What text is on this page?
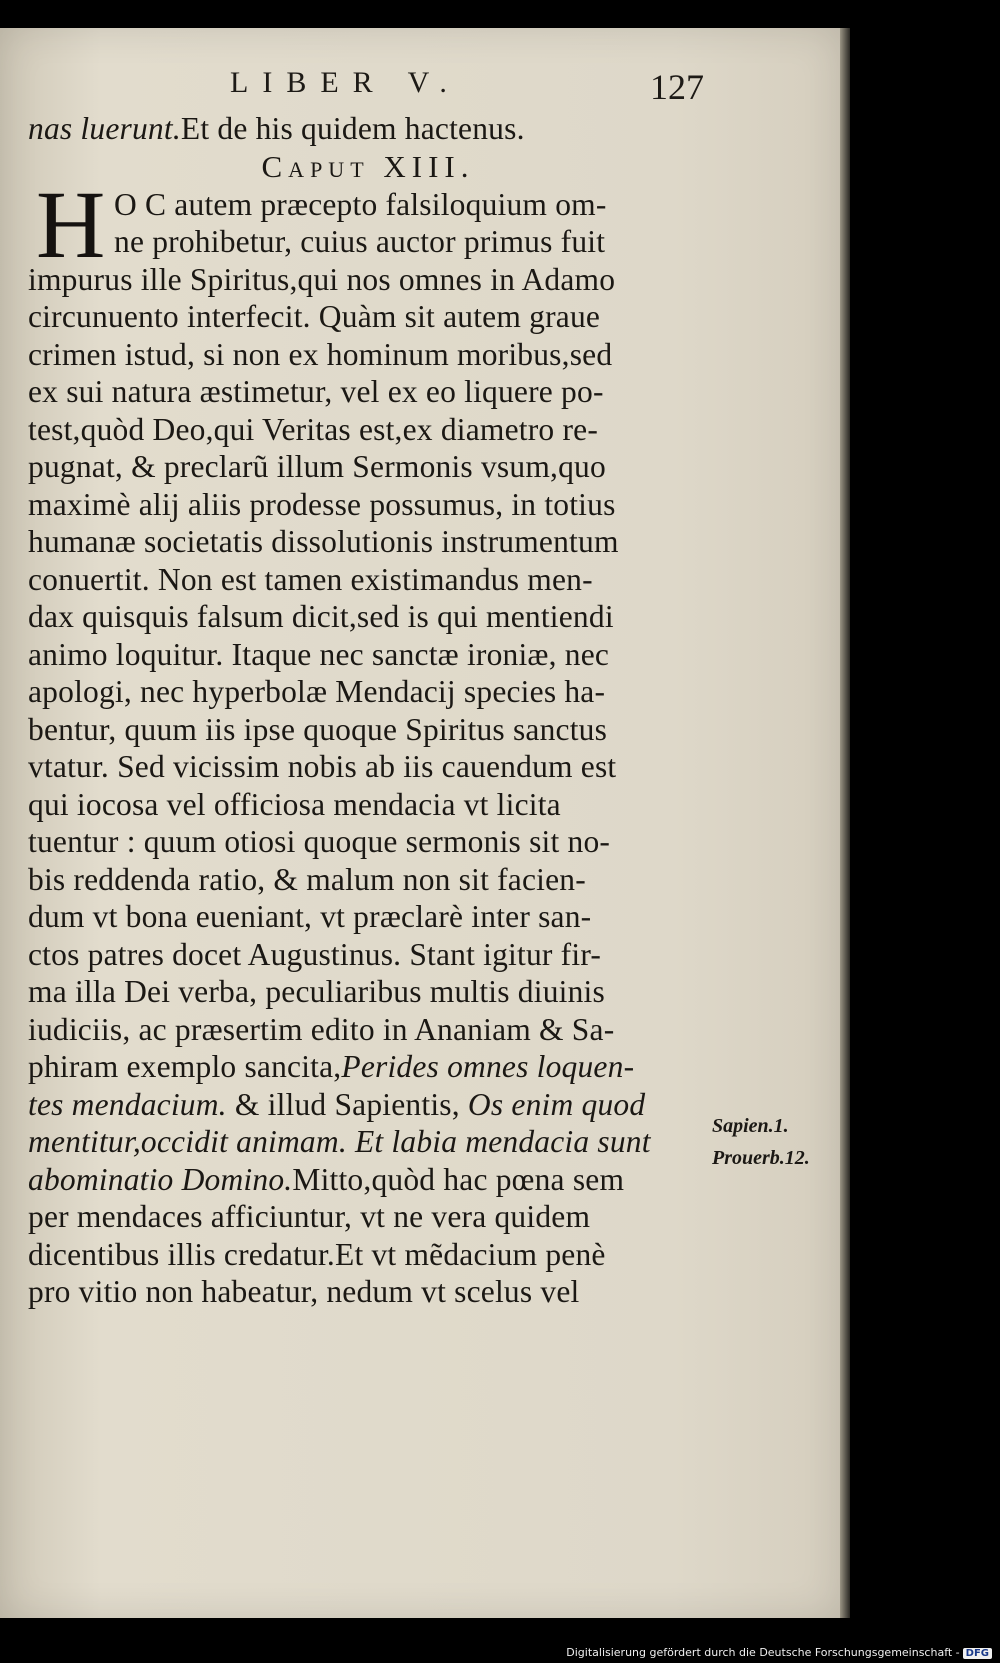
LIBER V.	127
H
nas luerunt.Et de his quidem hactenus.
Caput XIII.
O C autem præcepto falsiloquium om-
ne prohibetur, cuius auctor primus fuit
impurus ille Spiritus,qui nos omnes in Adamo
circunuento interfecit. Quàm sit autem graue
crimen istud, si non ex hominum moribus,sed
ex sui natura æstimetur, vel ex eo liquere po-
test,quòd Deo,qui Veritas est,ex diametro re-
pugnat, & preclarũ illum Sermonis vsum,quo
maximè alij aliis prodesse possumus, in totius
humanæ societatis dissolutionis instrumentum
conuertit. Non est tamen existimandus men-
dax quisquis falsum dicit,sed is qui mentiendi
animo loquitur. Itaque nec sanctæ ironiæ, nec
apologi, nec hyperbolæ Mendacij species ha-
bentur, quum iis ipse quoque Spiritus sanctus
vtatur. Sed vicissim nobis ab iis cauendum est
qui iocosa vel officiosa mendacia vt licita
tuentur : quum otiosi quoque sermonis sit no-
bis reddenda ratio, & malum non sit facien-
dum vt bona eueniant, vt præclarè inter san-
ctos patres docet Augustinus. Stant igitur fir-
ma illa Dei verba, peculiaribus multis diuinis
iudiciis, ac præsertim edito in Ananiam & Sa-
phiram exemplo sancita,Perides omnes loquen-
tes mendacium. & illud Sapientis, Os enim quod
mentitur,occidit animam. Et labia mendacia sunt
abominatio Domino.Mitto,quòd hac pœna sem
per mendaces afficiuntur, vt ne vera quidem
dicentibus illis credatur.Et vt mẽdacium penè
pro vitio non habeatur, nedum vt scelus vel
Sapien.1.
Prouerb.12.
Digitalisierung gefördert durch die Deutsche Forschungsgemeinschaft - DFG
